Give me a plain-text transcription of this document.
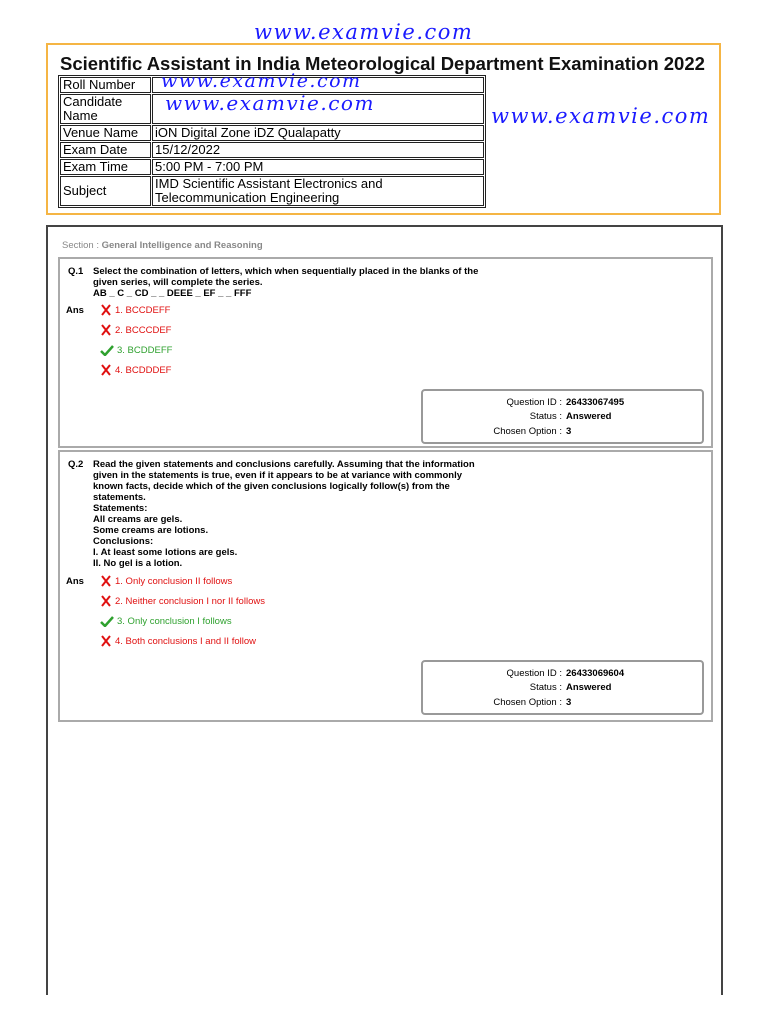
www.examvie.com
www.examvie.com
Scientific Assistant in India Meteorological Department Examination 2022
Roll Number	www.examvie.com

Candidate Name	www.examvie.com

Venue Name	iON Digital Zone iDZ Qualapatty
Exam Date	15/12/2022
Exam Time	5:00 PM - 7:00 PM
Subject	IMD Scientific Assistant Electronics and Telecommunication Engineering
Section : General Intelligence and Reasoning
Q.1 Select the combination of letters, which when sequentially placed in the blanks of the
given series, will complete the series.
AB _ C _ CD _ _ DEEE _ EF _ _ FFF
Ans	1. BCCDEFF
2. BCCCDEF
3. BCDDEFF
4. BCDDDEF
Question ID : 26433067495
Status : Answered
Chosen Option : 3
Q.2 Read the given statements and conclusions carefully. Assuming that the information
given in the statements is true, even if it appears to be at variance with commonly
known facts, decide which of the given conclusions logically follow(s) from the
statements.
Statements:
All creams are gels.
Some creams are lotions.
Conclusions:
I. At least some lotions are gels.
II. No gel is a lotion.
Ans	1. Only conclusion II follows
2. Neither conclusion I nor II follows
3. Only conclusion I follows
4. Both conclusions I and II follow
Question ID : 26433069604
Status : Answered
Chosen Option : 3
